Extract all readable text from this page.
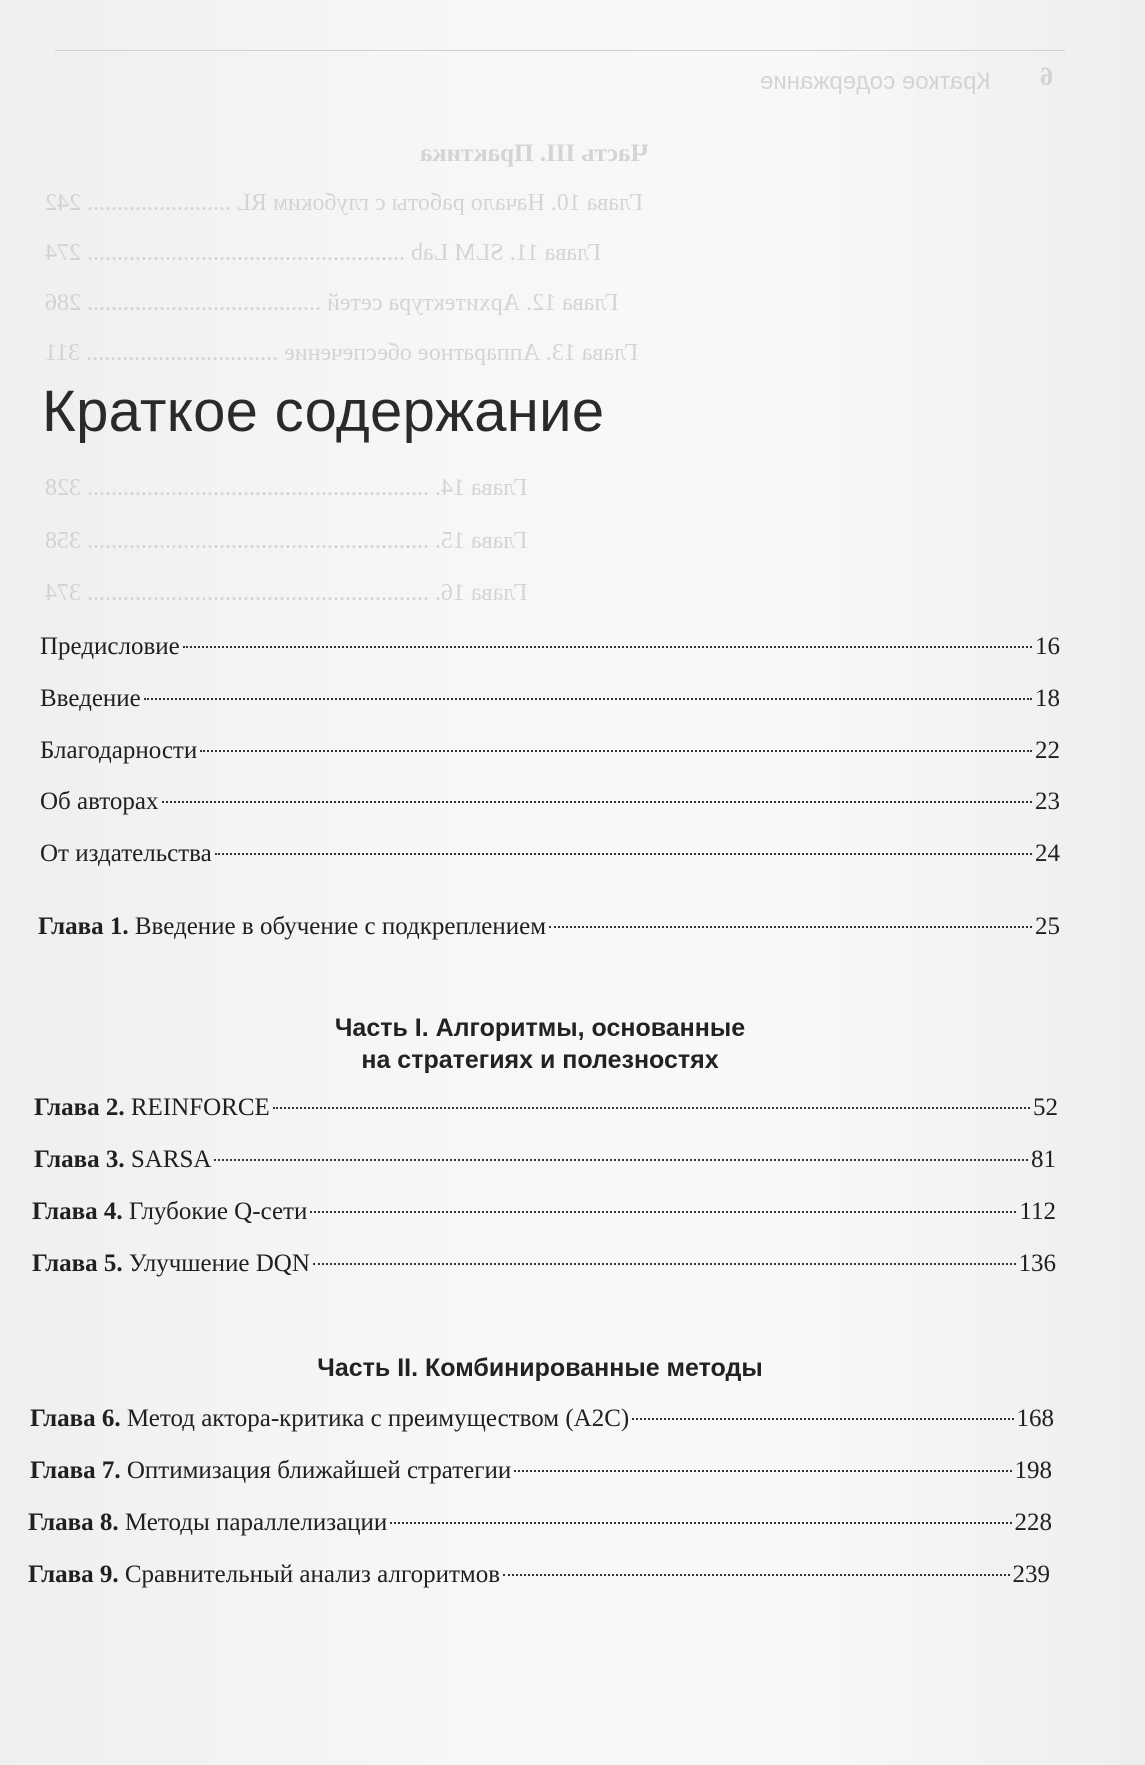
Краткое содержание 6
Часть III. Практика
Глава 10. Начало работы с глубоким RL ........................ 242
Глава 11. SLM Lab ..................................................... 274
Глава 12. Архитектура сетей ....................................... 286
Глава 13. Аппаратное обеспечение ................................ 311
Глава 14. ......................................................... 328
Глава 15. ......................................................... 358
Глава 16. ......................................................... 374
Краткое содержание
Предисловие	16
Введение	18
Благодарности	22
Об авторах	23
От издательства	24
Глава 1. Введение в обучение с подкреплением	25
Часть I. Алгоритмы, основанные
на стратегиях и полезностях
Глава 2. REINFORCE	52
Глава 3. SARSA	81
Глава 4. Глубокие Q-сети	112
Глава 5. Улучшение DQN	136
Часть II. Комбинированные методы
Глава 6. Метод актора-критика с преимуществом (A2C)	168
Глава 7. Оптимизация ближайшей стратегии	198
Глава 8. Методы параллелизации	228
Глава 9. Сравнительный анализ алгоритмов	239
